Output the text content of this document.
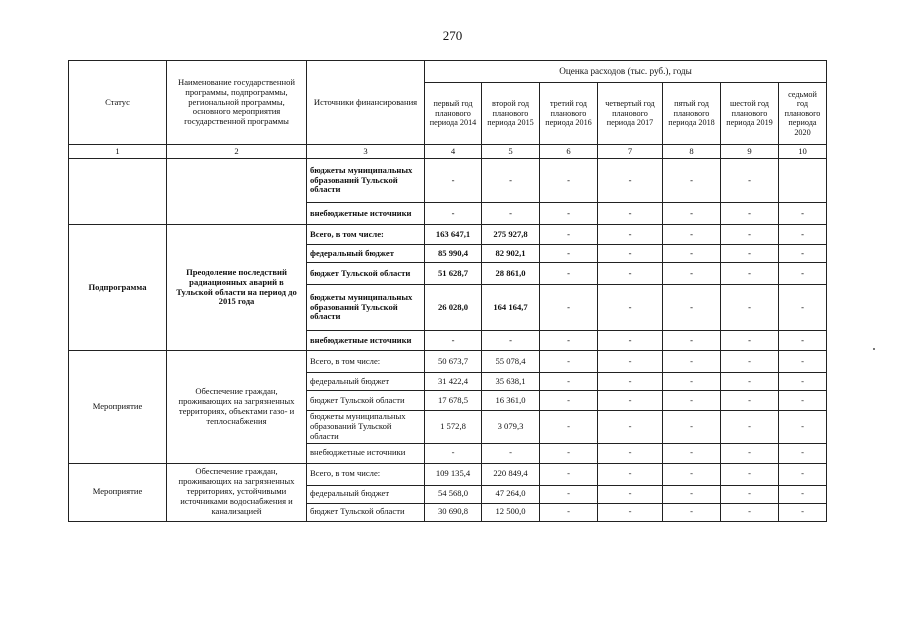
270
Статус	Наименование государственной программы, подпрограммы, региональной программы, основного мероприятия государственной программы	Источники финансирования	Оценка расходов (тыс. руб.), годы						
			первый год планового периода 2014	второй год планового периода 2015	третий год планового периода 2016	четвертый год планового периода 2017	пятый год планового периода 2018	шестой год планового периода 2019	седьмой год планового периода 2020
1	2	3	4	5	6	7	8	9	10
		бюджеты муниципальных образований Тульской области	-	-	-	-	-	-	
		внебюджетные источники	-	-	-	-	-	-	-
Подпрограмма	Преодоление последствий радиационных аварий в Тульской области на период до 2015 года	Всего, в том числе:	163 647,1	275 927,8	-	-	-	-	-
		федеральный бюджет	85 990,4	82 902,1	-	-	-	-	-
		бюджет Тульской области	51 628,7	28 861,0	-	-	-	-	-
		бюджеты муниципальных образований Тульской области	26 028,0	164 164,7	-	-	-	-	-
		внебюджетные источники	-	-	-	-	-	-	-
Мероприятие	Обеспечение граждан, проживающих на загрязненных территориях, объектами газо- и теплоснабжения	Всего, в том числе:	50 673,7	55 078,4	-	-	-	-	-
		федеральный бюджет	31 422,4	35 638,1	-	-	-	-	-
		бюджет Тульской области	17 678,5	16 361,0	-	-	-	-	-
		бюджеты муниципальных образований Тульской области	1 572,8	3 079,3	-	-	-	-	-
		внебюджетные источники	-	-	-	-	-	-	-
Мероприятие	Обеспечение граждан, проживающих на загрязненных территориях, устойчивыми источниками водоснабжения и канализацией	Всего, в том числе:	109 135,4	220 849,4	-	-	-	-	-
		федеральный бюджет	54 568,0	47 264,0	-	-	-	-	-
		бюджет Тульской области	30 690,8	12 500,0	-	-	-	-	-
